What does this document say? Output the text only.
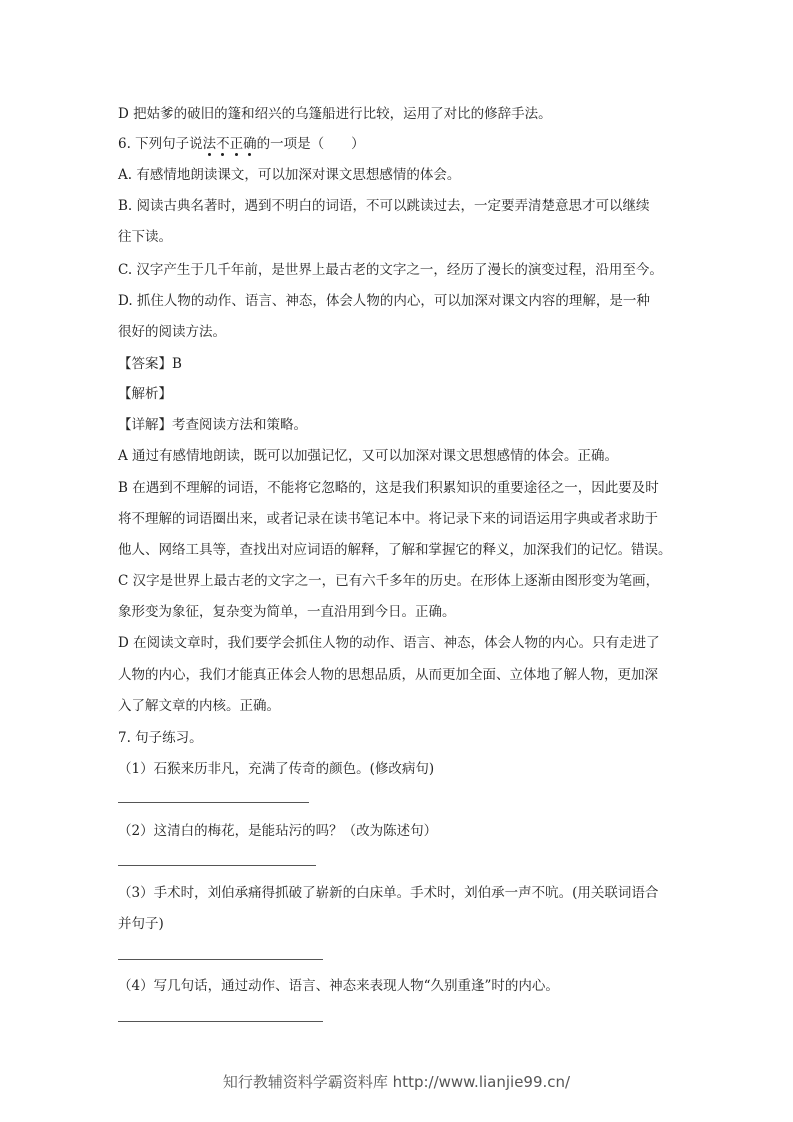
D 把姑爹的破旧的篷和绍兴的乌篷船进行比较，运用了对比的修辞手法。
6. 下列句子说法不正确的一项是（　　）
A. 有感情地朗读课文，可以加深对课文思想感情的体会。
B. 阅读古典名著时，遇到不明白的词语，不可以跳读过去，一定要弄清楚意思才可以继续
往下读。
C. 汉字产生于几千年前，是世界上最古老的文字之一，经历了漫长的演变过程，沿用至今。
D. 抓住人物的动作、语言、神态，体会人物的内心，可以加深对课文内容的理解，是一种
很好的阅读方法。
【答案】B
【解析】
【详解】考查阅读方法和策略。
A 通过有感情地朗读，既可以加强记忆，又可以加深对课文思想感情的体会。正确。
B 在遇到不理解的词语，不能将它忽略的，这是我们积累知识的重要途径之一，因此要及时
将不理解的词语圈出来，或者记录在读书笔记本中。将记录下来的词语运用字典或者求助于
他人、网络工具等，查找出对应词语的解释，了解和掌握它的释义，加深我们的记忆。错误。
C 汉字是世界上最古老的文字之一，已有六千多年的历史。在形体上逐渐由图形变为笔画，
象形变为象征，复杂变为简单，一直沿用到今日。正确。
D 在阅读文章时，我们要学会抓住人物的动作、语言、神态，体会人物的内心。只有走进了
人物的内心，我们才能真正体会人物的思想品质，从而更加全面、立体地了解人物，更加深
入了解文章的内核。正确。
7. 句子练习。
（1）石猴来历非凡，充满了传奇的颜色。(修改病句)
（2）这清白的梅花，是能玷污的吗？（改为陈述句）
（3）手术时，刘伯承痛得抓破了崭新的白床单。手术时，刘伯承一声不吭。(用关联词语合
并句子)
（4）写几句话，通过动作、语言、神态来表现人物“久别重逢”时的内心。
知行教辅资料学霸资料库 http://www.lianjie99.cn/
